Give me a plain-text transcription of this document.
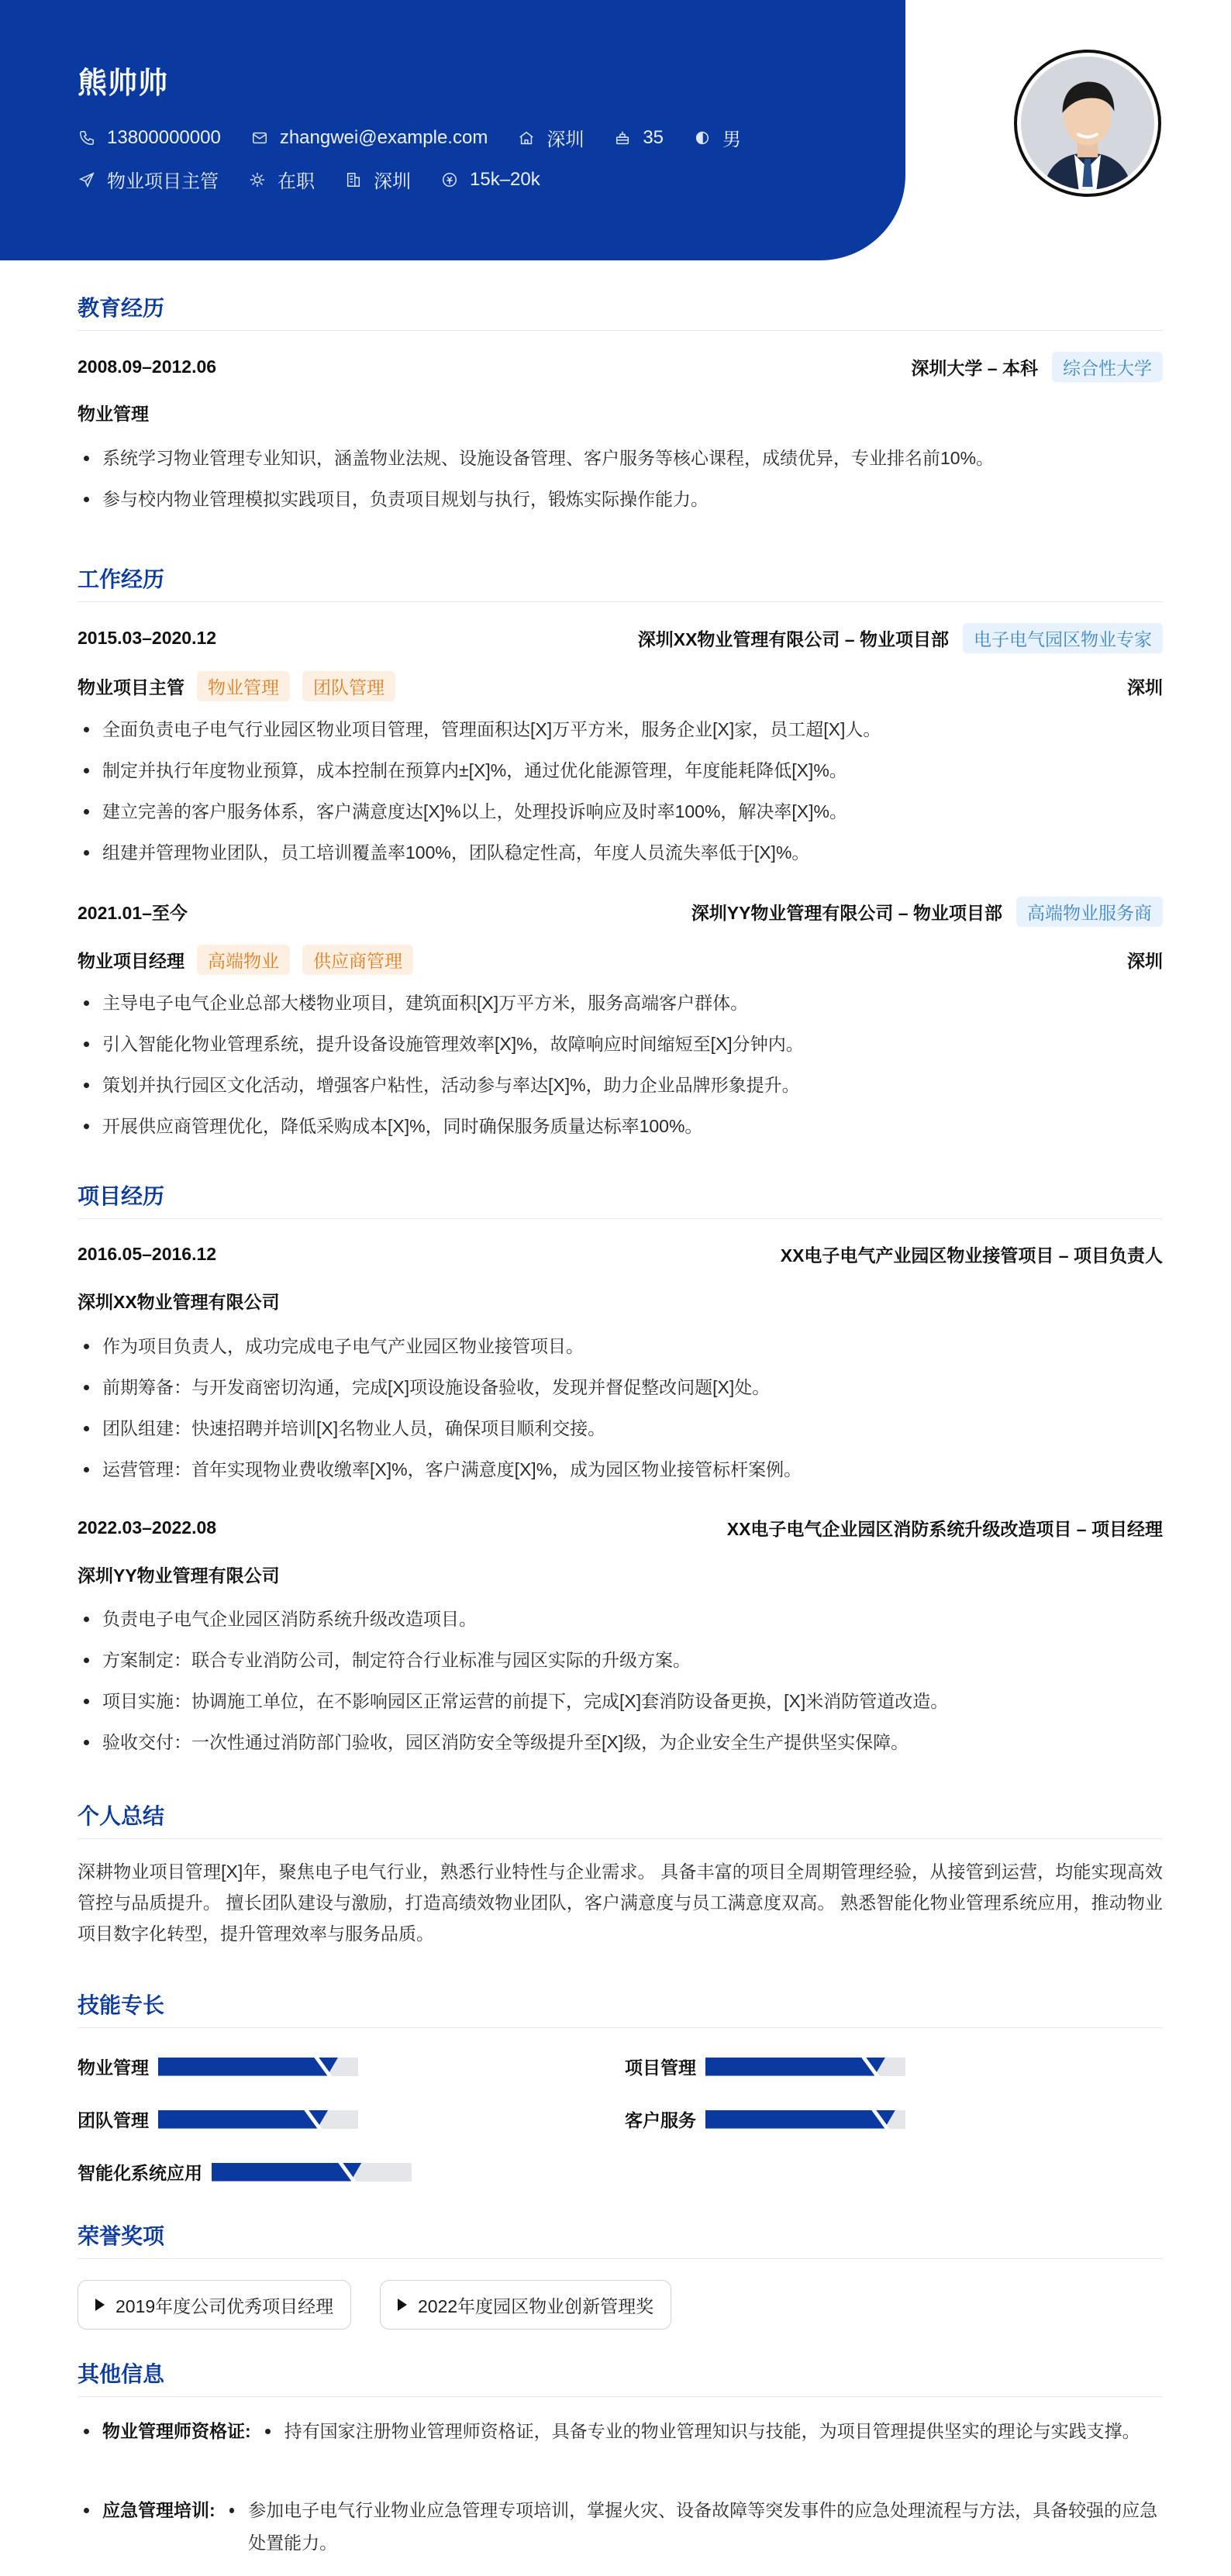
熊帅帅
13800000000	zhangwei@example.com	深圳	35	男
物业项目主管	在职	深圳	15k–20k
教育经历
2008.09–2012.06	深圳大学 – 本科	综合性大学
物业管理
系统学习物业管理专业知识，涵盖物业法规、设施设备管理、客户服务等核心课程，成绩优异，专业排名前10%。
参与校内物业管理模拟实践项目，负责项目规划与执行，锻炼实际操作能力。
工作经历
2015.03–2020.12	深圳XX物业管理有限公司 – 物业项目部	电子电气园区物业专家
物业项目主管	物业管理	团队管理	深圳
全面负责电子电气行业园区物业项目管理，管理面积达[X]万平方米，服务企业[X]家，员工超[X]人。
制定并执行年度物业预算，成本控制在预算内±[X]%，通过优化能源管理，年度能耗降低[X]%。
建立完善的客户服务体系，客户满意度达[X]%以上，处理投诉响应及时率100%，解决率[X]%。
组建并管理物业团队，员工培训覆盖率100%，团队稳定性高，年度人员流失率低于[X]%。
2021.01–至今	深圳YY物业管理有限公司 – 物业项目部	高端物业服务商
物业项目经理	高端物业	供应商管理	深圳
主导电子电气企业总部大楼物业项目，建筑面积[X]万平方米，服务高端客户群体。
引入智能化物业管理系统，提升设备设施管理效率[X]%，故障响应时间缩短至[X]分钟内。
策划并执行园区文化活动，增强客户粘性，活动参与率达[X]%，助力企业品牌形象提升。
开展供应商管理优化，降低采购成本[X]%，同时确保服务质量达标率100%。
项目经历
2016.05–2016.12	XX电子电气产业园区物业接管项目 – 项目负责人
深圳XX物业管理有限公司
作为项目负责人，成功完成电子电气产业园区物业接管项目。
前期筹备：与开发商密切沟通，完成[X]项设施设备验收，发现并督促整改问题[X]处。
团队组建：快速招聘并培训[X]名物业人员，确保项目顺利交接。
运营管理：首年实现物业费收缴率[X]%，客户满意度[X]%，成为园区物业接管标杆案例。
2022.03–2022.08	XX电子电气企业园区消防系统升级改造项目 – 项目经理
深圳YY物业管理有限公司
负责电子电气企业园区消防系统升级改造项目。
方案制定：联合专业消防公司，制定符合行业标准与园区实际的升级方案。
项目实施：协调施工单位，在不影响园区正常运营的前提下，完成[X]套消防设备更换，[X]米消防管道改造。
验收交付：一次性通过消防部门验收，园区消防安全等级提升至[X]级，为企业安全生产提供坚实保障。
个人总结
深耕物业项目管理[X]年，聚焦电子电气行业，熟悉行业特性与企业需求。 具备丰富的项目全周期管理经验，从接管到运营，均能实现高效管控与品质提升。 擅长团队建设与激励，打造高绩效物业团队，客户满意度与员工满意度双高。 熟悉智能化物业管理系统应用，推动物业项目数字化转型，提升管理效率与服务品质。
技能专长
物业管理	项目管理
团队管理	客户服务
智能化系统应用
荣誉奖项
2019年度公司优秀项目经理	2022年度园区物业创新管理奖
其他信息
物业管理师资格证: 持有国家注册物业管理师资格证，具备专业的物业管理知识与技能，为项目管理提供坚实的理论与实践支撑。
应急管理培训: 参加电子电气行业物业应急管理专项培训，掌握火灾、设备故障等突发事件的应急处理流程与方法，具备较强的应急处置能力。
